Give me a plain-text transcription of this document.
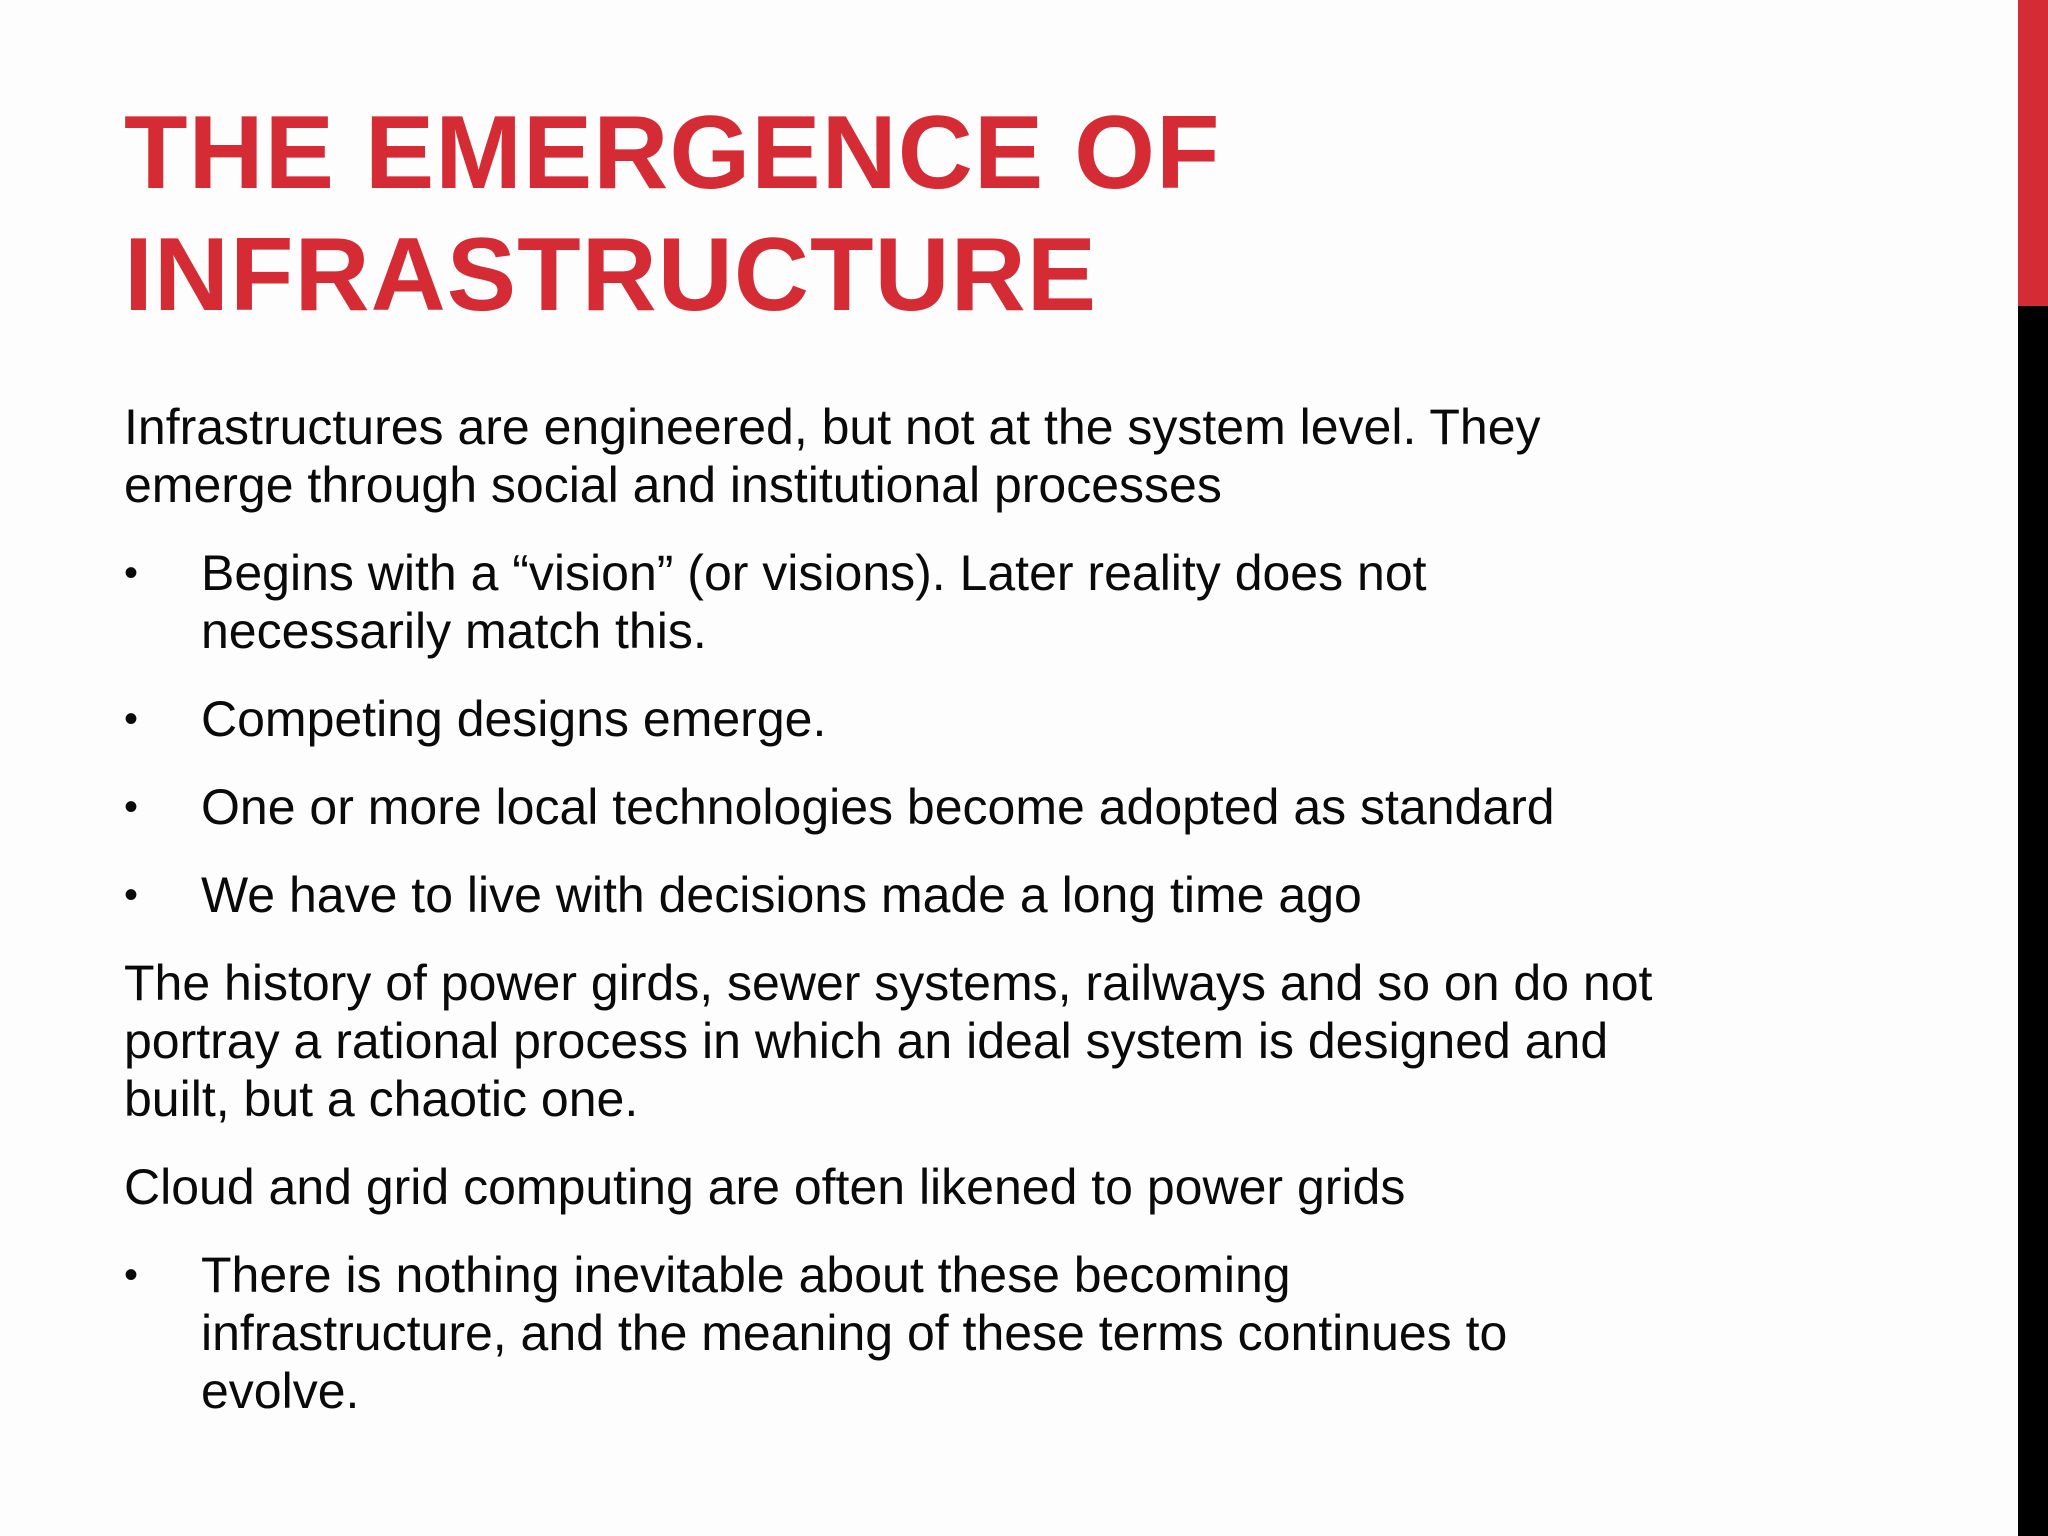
THE EMERGENCE OF
INFRASTRUCTURE

Infrastructures are engineered, but not at the system level. They
emerge through social and institutional processes

•	Begins with a “vision” (or visions). Later reality does not
necessarily match this.
•	Competing designs emerge.
•	One or more local technologies become adopted as standard
•	We have to live with decisions made a long time ago

The history of power girds, sewer systems, railways and so on do not
portray a rational process in which an ideal system is designed and
built, but a chaotic one.

Cloud and grid computing are often likened to power grids

•	There is nothing inevitable about these becoming
infrastructure, and the meaning of these terms continues to
evolve.
